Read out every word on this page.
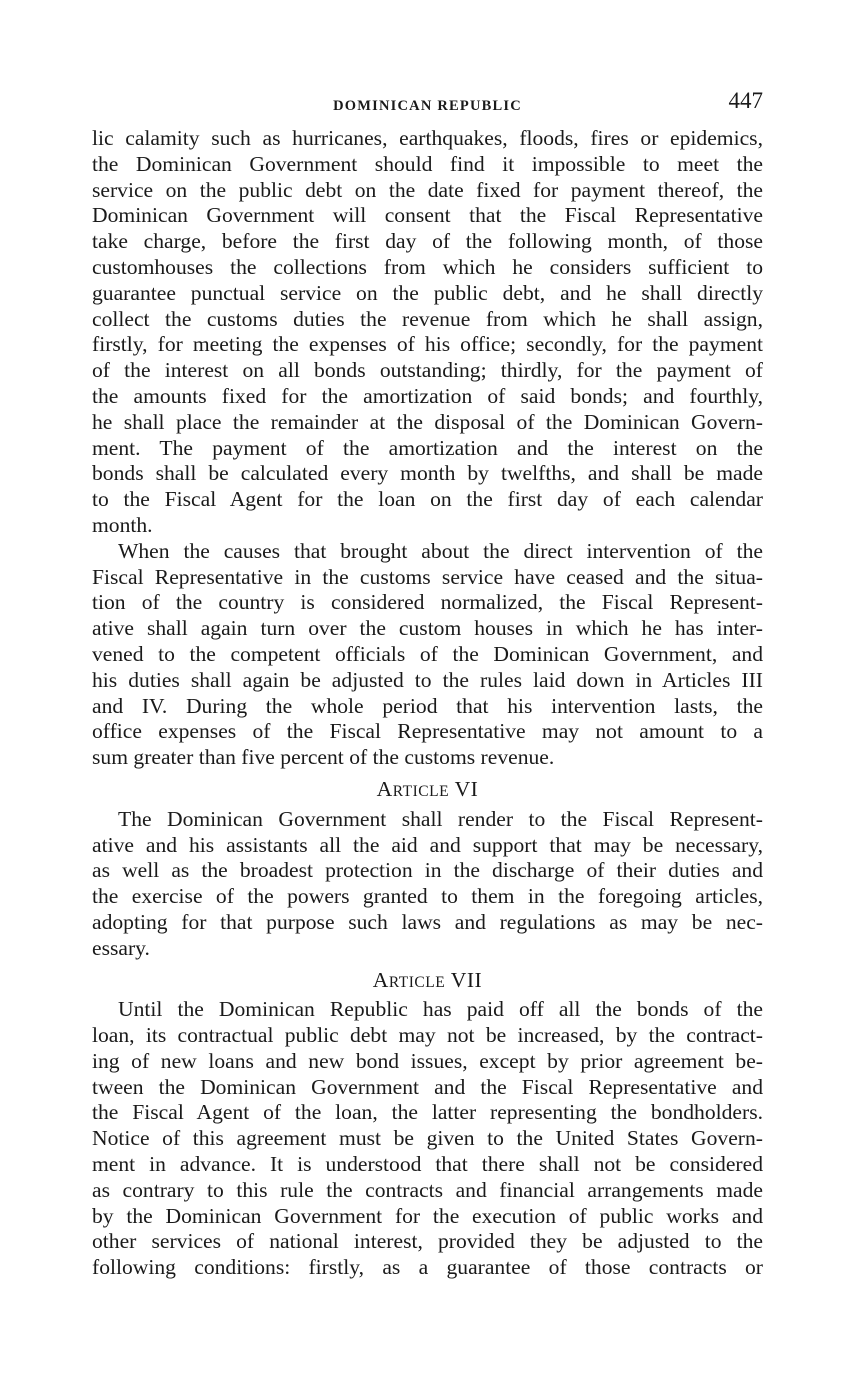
DOMINICAN REPUBLIC	447

lic calamity such as hurricanes, earthquakes, floods, fires or epidemics,
the Dominican Government should find it impossible to meet the
service on the public debt on the date fixed for payment thereof, the
Dominican Government will consent that the Fiscal Representative
take charge, before the first day of the following month, of those
customhouses the collections from which he considers sufficient to
guarantee punctual service on the public debt, and he shall directly
collect the customs duties the revenue from which he shall assign,
firstly, for meeting the expenses of his office; secondly, for the payment
of the interest on all bonds outstanding; thirdly, for the payment of
the amounts fixed for the amortization of said bonds; and fourthly,
he shall place the remainder at the disposal of the Dominican Govern-
ment. The payment of the amortization and the interest on the
bonds shall be calculated every month by twelfths, and shall be made
to the Fiscal Agent for the loan on the first day of each calendar
month.

When the causes that brought about the direct intervention of the
Fiscal Representative in the customs service have ceased and the situa-
tion of the country is considered normalized, the Fiscal Represent-
ative shall again turn over the custom houses in which he has inter-
vened to the competent officials of the Dominican Government, and
his duties shall again be adjusted to the rules laid down in Articles III
and IV. During the whole period that his intervention lasts, the
office expenses of the Fiscal Representative may not amount to a
sum greater than five percent of the customs revenue.

ARTICLE VI

The Dominican Government shall render to the Fiscal Represent-
ative and his assistants all the aid and support that may be necessary,
as well as the broadest protection in the discharge of their duties and
the exercise of the powers granted to them in the foregoing articles,
adopting for that purpose such laws and regulations as may be nec-
essary.

ARTICLE VII

Until the Dominican Republic has paid off all the bonds of the
loan, its contractual public debt may not be increased, by the contract-
ing of new loans and new bond issues, except by prior agreement be-
tween the Dominican Government and the Fiscal Representative and
the Fiscal Agent of the loan, the latter representing the bondholders.
Notice of this agreement must be given to the United States Govern-
ment in advance. It is understood that there shall not be considered
as contrary to this rule the contracts and financial arrangements made
by the Dominican Government for the execution of public works and
other services of national interest, provided they be adjusted to the
following conditions: firstly, as a guarantee of those contracts or
